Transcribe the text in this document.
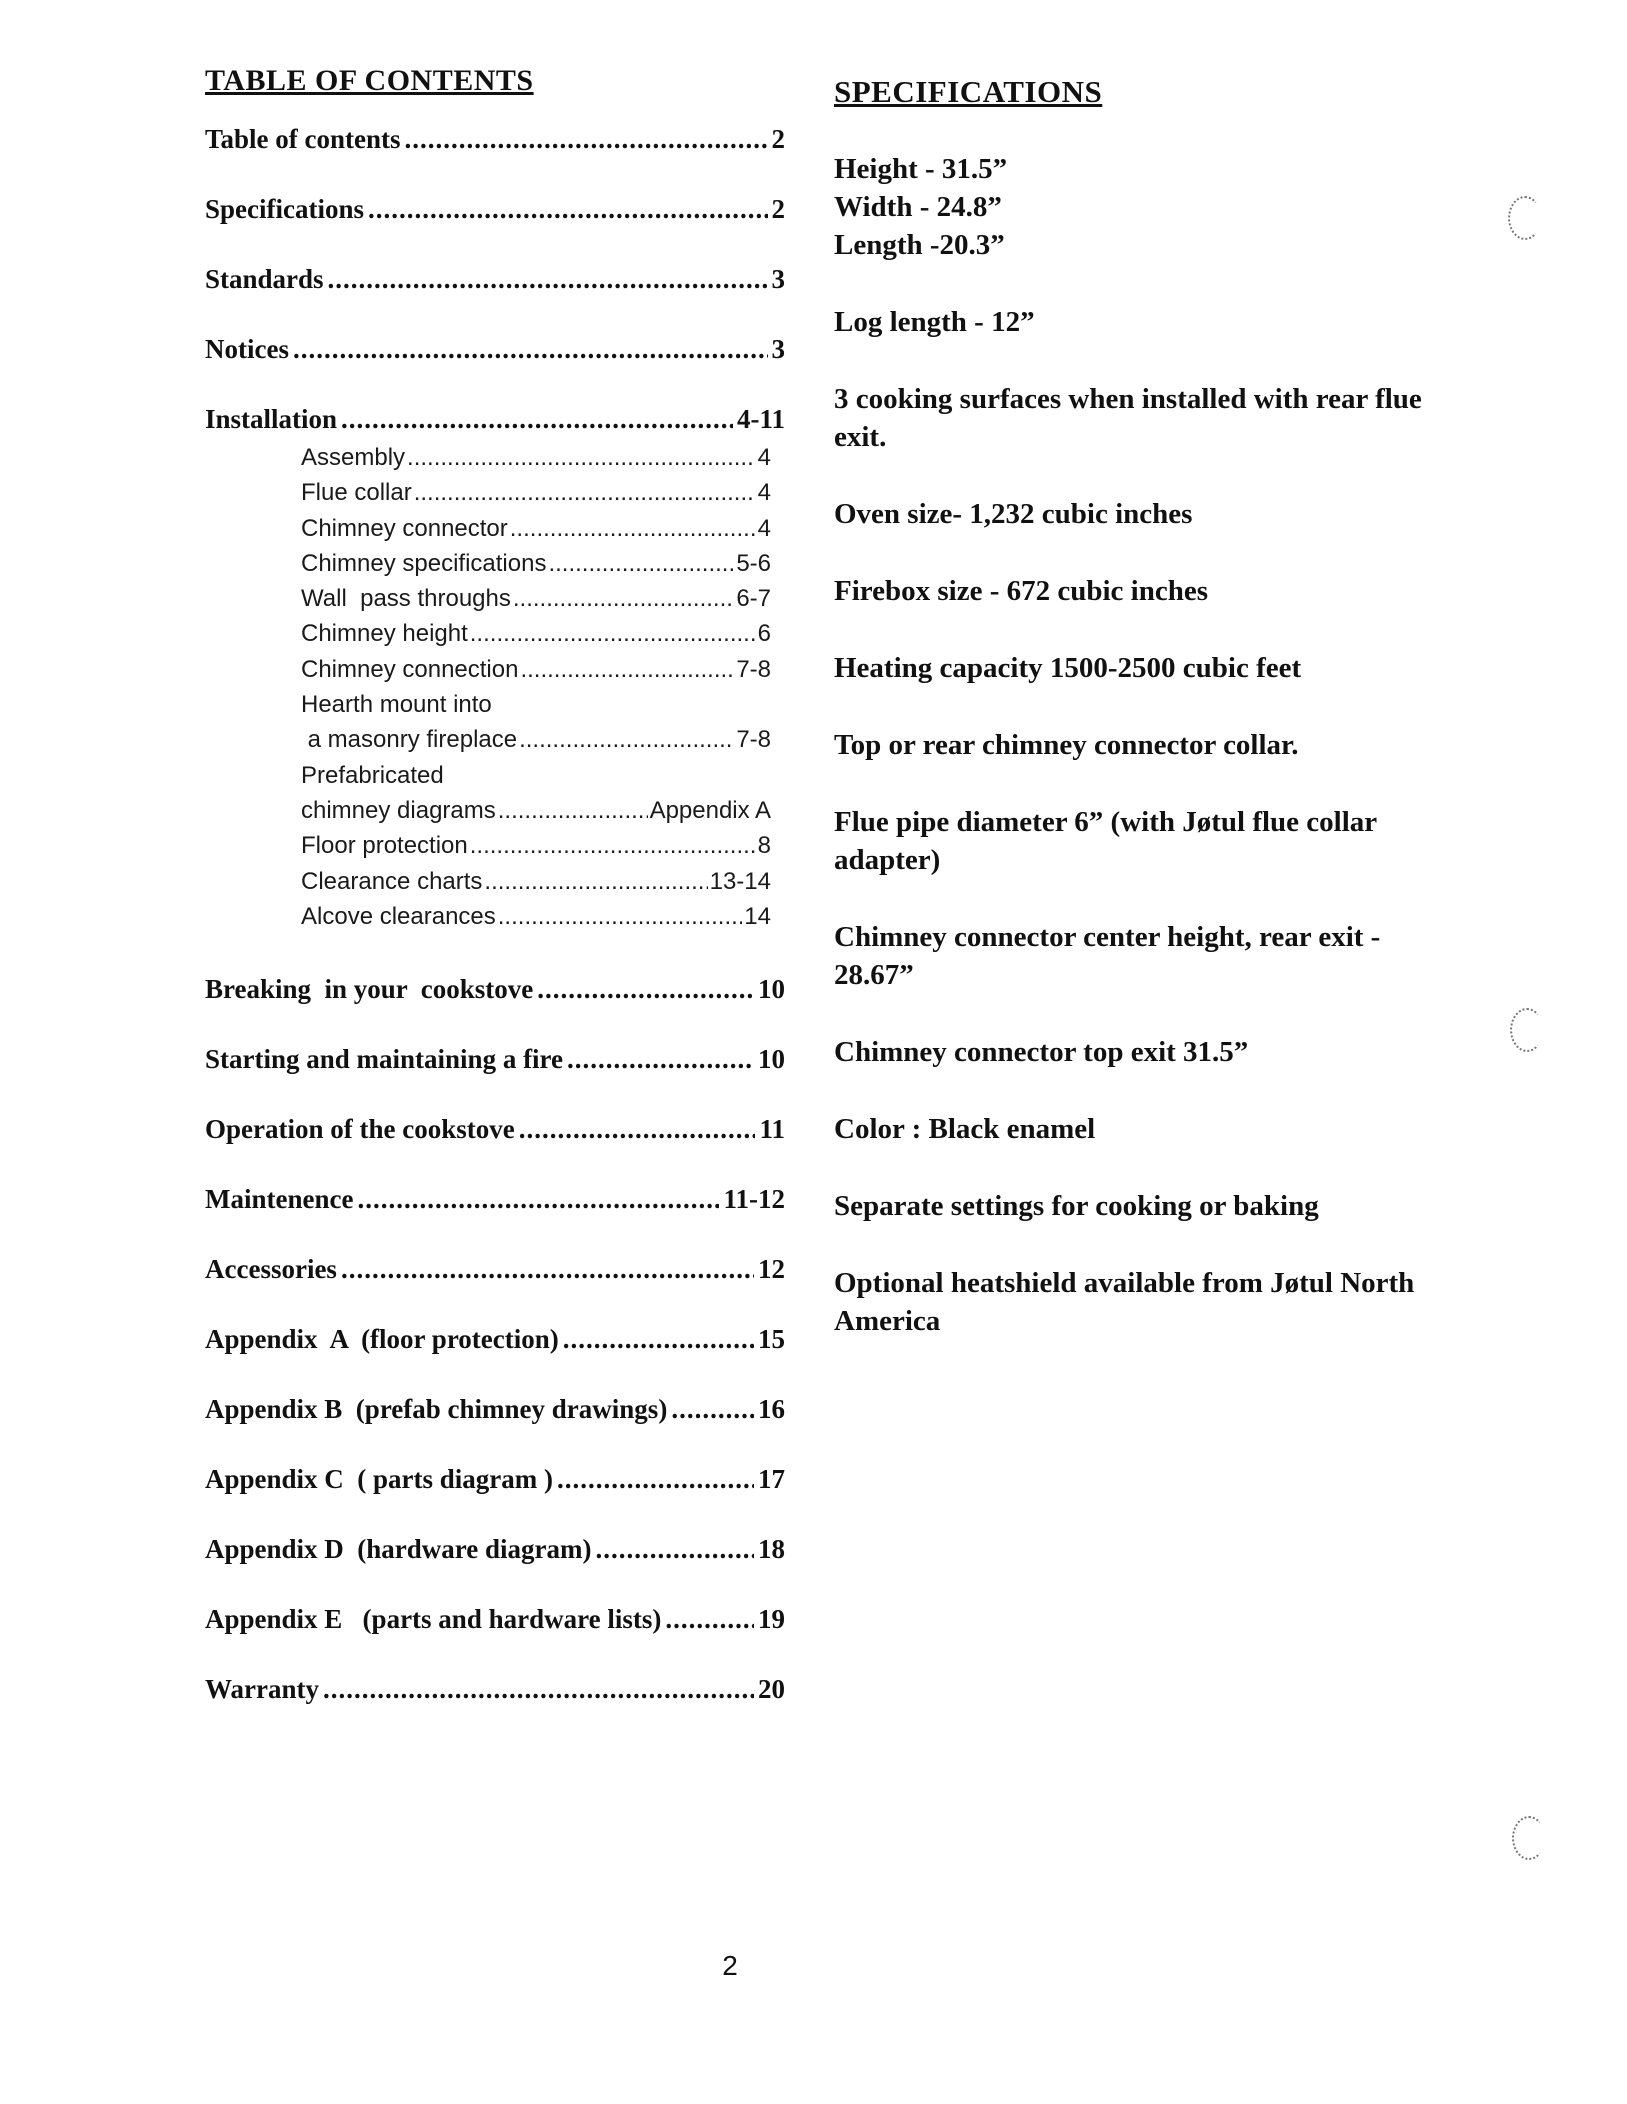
TABLE OF CONTENTS
Table of contents .....	2
Specifications .....	2
Standards .....	3
Notices .....	3
Installation .....	4-11
Assembly .....	4
Flue collar .....	4
Chimney connector .....	4
Chimney specifications .....	5-6
Wall  pass throughs .....	6-7
Chimney height .....	6
Chimney connection .....	7-8
Hearth mount into
a masonry fireplace .....	7-8
Prefabricated
chimney diagrams .....	Appendix A
Floor protection .....	8
Clearance charts .....	13-14
Alcove clearances .....	14
Breaking  in your  cookstove .....	10
Starting and maintaining a fire .....	10
Operation of the cookstove .....	11
Maintenence .....	11-12
Accessories .....	12
Appendix  A  (floor protection) .....	15
Appendix B  (prefab chimney drawings) .....	16
Appendix C  ( parts diagram ) .....	17
Appendix D  (hardware diagram) .....	18
Appendix E   (parts and hardware lists) .....	19
Warranty .....	20
SPECIFICATIONS

Height - 31.5”

Width - 24.8”

Length -20.3”

Log length - 12”

3 cooking surfaces when installed with rear flue exit.

Oven size- 1,232 cubic inches

Firebox size - 672 cubic inches

Heating capacity 1500-2500 cubic feet

Top or rear chimney connector collar.

Flue pipe diameter 6” (with Jøtul flue collar adapter)

Chimney connector center height, rear exit - 28.67”

Chimney connector top exit 31.5”

Color : Black enamel

Separate settings for cooking or baking

Optional heatshield available from Jøtul North America

2
